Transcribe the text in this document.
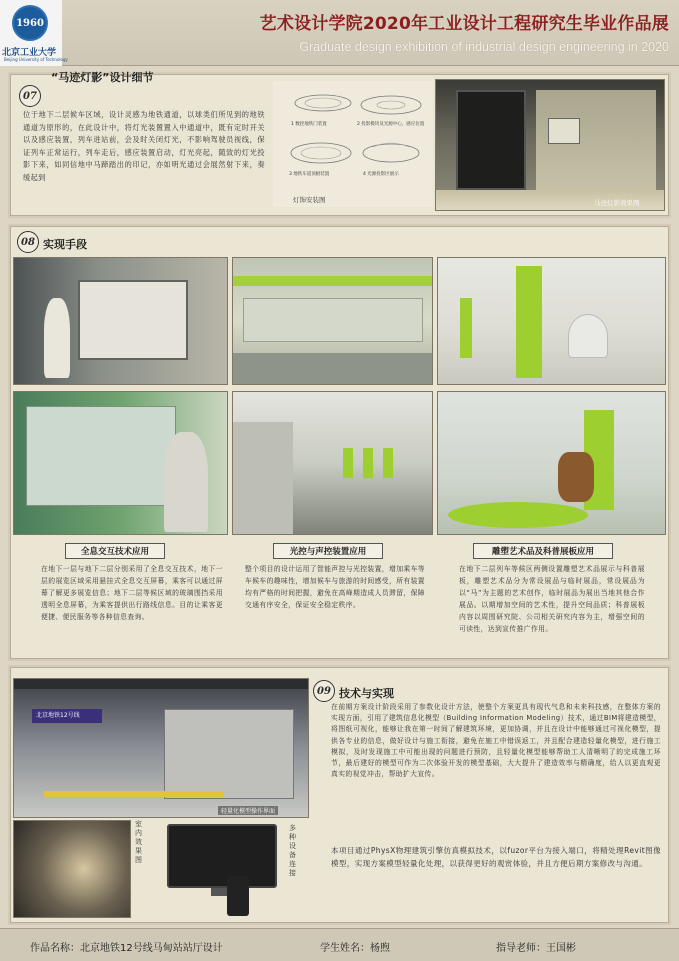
1960
北京工业大学
Beijing University of Technology
艺术设计学院2020年工业设计工程研究生毕业作品展
Graduate design exhibition of industrial design engineering in 2020
07
“马迹灯影”设计细节
位于地下二层候车区域，设计灵感为地铁通道，以球类们所见到的地铁通道为原形的，在此设计中，将灯光装置置入中通道中，既有定时开关以及感应装置，列车进站前，会及时关闭灯光，不影响驾驶员视线，保证列车正常运行，列车走后，感应装置启动，灯光亮起，随致的灯光投影下来，如同信地中马蹄踏出的印记，亦如明光通过会展然射下来，奏缓起到
1 数控地铁门装置	2 投影模块及光源中心，感应位置
3 地铁车道顶板装置	4 光源投影区展示
灯饰安装图	马迹灯影效果图
08 实现手段
全息交互技术应用	光控与声控装置应用	雕塑艺术品及科普展板应用
在地下一层与地下二层分别采用了全息交互技术，地下一层的展览区域采用悬挂式全息交互屏幕，乘客可以通过屏幕了解更多展览信息；地下二层等候区域的玻璃围挡采用透明全息屏幕，为乘客提供出行路线信息。目的让乘客更便捷、便民服务等各种信息查询。
整个项目的设计运用了智能声控与光控装置，增加乘车等车候车的趣味性，增加候车与旅游的时间感受，所有装置均有严格的时间把握，避免在高峰期造成人员滞留，保障交通有序安全，保证安全稳定秩序。
在地下二层列车等候区两侧设置雕塑艺术品展示与科普展板，雕塑艺术品分为常设展品与临时展品，常设展品为以“马”为主题的艺术创作，临时展品为展出当地其他合作展品。以期增加空间的艺术性，提升空间品质；科普展板内容以周围研究院、公司相关研究内容为主，增强空间的可读性，达到宣传推广作用。
北京地铁12号线
轻量化模型操作界面
室内效果图
多种设备连接
09 技术与实现
在前期方案设计阶段采用了参数化设计方法，使整个方案更具有现代气息和未来科技感，在整体方案的实现方面，引用了建筑信息化模型（Building Information Modeling）技术，通过BIM将建造模型，将图纸可视化，能够让我在第一时间了解建筑环境，更加协调，并且在设计中能够通过可视化模型，提供各专业的信息，做好设计与施工衔接，避免在施工中错误返工，并且配合建造轻量化模型，进行施工模拟，及时发现施工中可能出现的问题进行预防，且轻量化模型能够帮助工人清晰明了的完成施工环节，最后建好的模型可作为二次体验开发的模型基础，大大提升了建造效率与精确度，给人以更直观更真实的视觉冲击，帮助扩大宣传。
本项目通过PhysX物理建筑引擎仿真模拟技术，以fuzor平台为接入端口，将精处理Revit图像模型，实现方案模型轻量化处理，以获得更好的观赏体验，并且方便后期方案修改与沟通。
作品名称：北京地铁12号线马甸站站厅设计	学生姓名：杨煦	指导老师：王国彬
